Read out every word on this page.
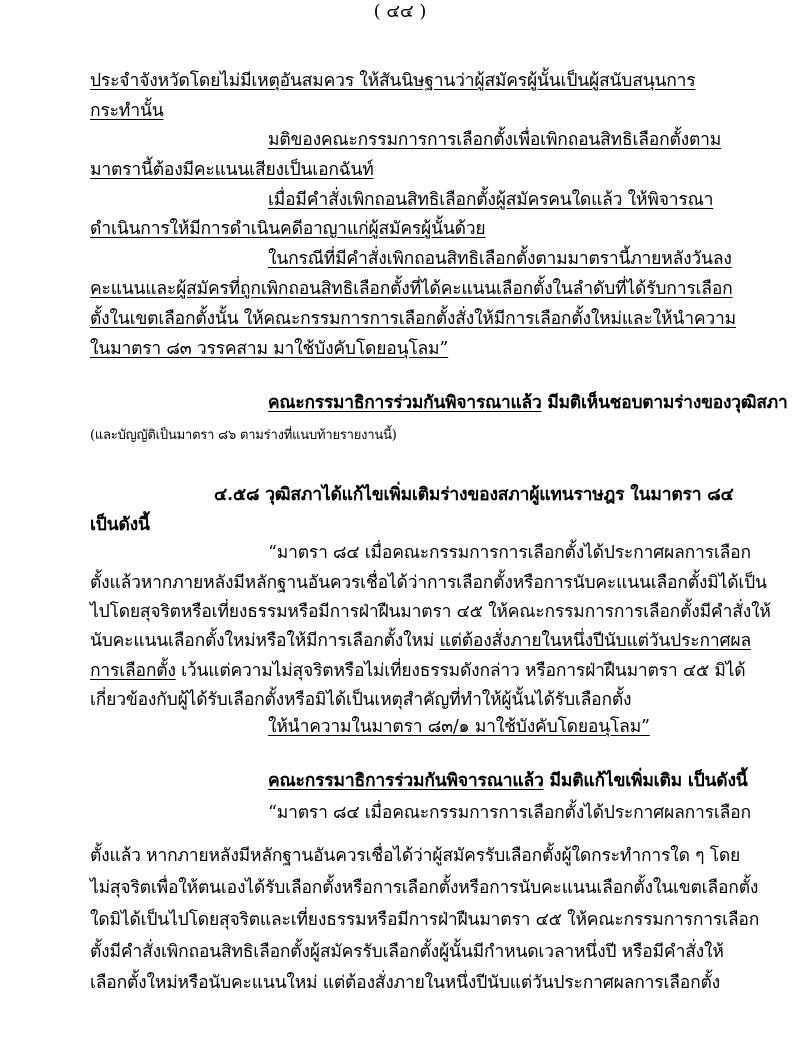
( ๔๔ )
ประจำจังหวัดโดยไม่มีเหตุอันสมควร ให้สันนิษฐานว่าผู้สมัครผู้นั้นเป็นผู้สนับสนุนการ
กระทำนั้น
มติของคณะกรรมการการเลือกตั้งเพื่อเพิกถอนสิทธิเลือกตั้งตาม
มาตรานี้ต้องมีคะแนนเสียงเป็นเอกฉันท์
เมื่อมีคำสั่งเพิกถอนสิทธิเลือกตั้งผู้สมัครคนใดแล้ว ให้พิจารณา
ดำเนินการให้มีการดำเนินคดีอาญาแก่ผู้สมัครผู้นั้นด้วย
ในกรณีที่มีคำสั่งเพิกถอนสิทธิเลือกตั้งตามมาตรานี้ภายหลังวันลง
คะแนนและผู้สมัครที่ถูกเพิกถอนสิทธิเลือกตั้งที่ได้คะแนนเลือกตั้งในลำดับที่ได้รับการเลือก
ตั้งในเขตเลือกตั้งนั้น ให้คณะกรรมการการเลือกตั้งสั่งให้มีการเลือกตั้งใหม่และให้นำความ
ในมาตรา ๘๓ วรรคสาม มาใช้บังคับโดยอนุโลม”
คณะกรรมาธิการร่วมกันพิจารณาแล้ว มีมติเห็นชอบตามร่างของวุฒิสภา
(และบัญญัติเป็นมาตรา ๘๖ ตามร่างที่แนบท้ายรายงานนี้)
๔.๕๘ วุฒิสภาได้แก้ไขเพิ่มเติมร่างของสภาผู้แทนราษฎร ในมาตรา ๘๔
เป็นดังนี้
“มาตรา ๘๔ เมื่อคณะกรรมการการเลือกตั้งได้ประกาศผลการเลือก
ตั้งแล้วหากภายหลังมีหลักฐานอันควรเชื่อได้ว่าการเลือกตั้งหรือการนับคะแนนเลือกตั้งมิได้เป็น
ไปโดยสุจริตหรือเที่ยงธรรมหรือมีการฝ่าฝืนมาตรา ๔๕ ให้คณะกรรมการการเลือกตั้งมีคำสั่งให้
นับคะแนนเลือกตั้งใหม่หรือให้มีการเลือกตั้งใหม่ แต่ต้องสั่งภายในหนึ่งปีนับแต่วันประกาศผล
การเลือกตั้ง เว้นแต่ความไม่สุจริตหรือไม่เที่ยงธรรมดังกล่าว หรือการฝ่าฝืนมาตรา ๔๕ มิได้
เกี่ยวข้องกับผู้ได้รับเลือกตั้งหรือมิได้เป็นเหตุสำคัญที่ทำให้ผู้นั้นได้รับเลือกตั้ง
ให้นำความในมาตรา ๘๓/๑ มาใช้บังคับโดยอนุโลม”
คณะกรรมาธิการร่วมกันพิจารณาแล้ว มีมติแก้ไขเพิ่มเติม เป็นดังนี้
“มาตรา ๘๔ เมื่อคณะกรรมการการเลือกตั้งได้ประกาศผลการเลือก
ตั้งแล้ว หากภายหลังมีหลักฐานอันควรเชื่อได้ว่าผู้สมัครรับเลือกตั้งผู้ใดกระทำการใด ๆ โดย
ไม่สุจริตเพื่อให้ตนเองได้รับเลือกตั้งหรือการเลือกตั้งหรือการนับคะแนนเลือกตั้งในเขตเลือกตั้ง
ใดมิได้เป็นไปโดยสุจริตและเที่ยงธรรมหรือมีการฝ่าฝืนมาตรา ๔๕ ให้คณะกรรมการการเลือก
ตั้งมีคำสั่งเพิกถอนสิทธิเลือกตั้งผู้สมัครรับเลือกตั้งผู้นั้นมีกำหนดเวลาหนึ่งปี หรือมีคำสั่งให้
เลือกตั้งใหม่หรือนับคะแนนใหม่ แต่ต้องสั่งภายในหนึ่งปีนับแต่วันประกาศผลการเลือกตั้ง
